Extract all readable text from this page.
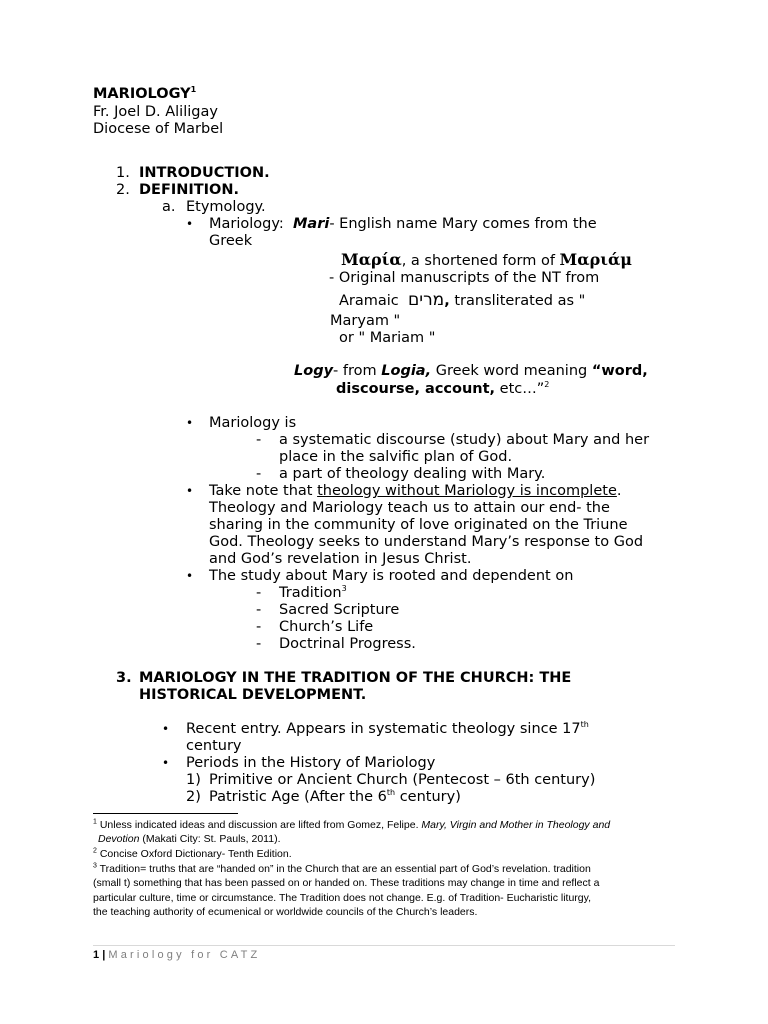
MARIOLOGY$^1$
Fr. Joel D. Aliligay
Diocese of Marbel
1. INTRODUCTION.
2. DEFINITION.
a. Etymology.
• Mariology: Mari- English name Mary comes from the
Greek
Μαρία, a shortened form of Μαριάμ
- Original manuscripts of the NT from
Aramaic מרים, transliterated as "
Maryam "
or " Mariam "
Logy- from Logia, Greek word meaning “word,
discourse, account, etc…”$^2$
• Mariology is
- a systematic discourse (study) about Mary and her
place in the salvific plan of God.
- a part of theology dealing with Mary.
• Take note that theology without Mariology is incomplete.
Theology and Mariology teach us to attain our end- the
sharing in the community of love originated on the Triune
God. Theology seeks to understand Mary’s response to God
and God’s revelation in Jesus Christ.
• The study about Mary is rooted and dependent on
- Tradition$^3$
- Sacred Scripture
- Church’s Life
- Doctrinal Progress.
3. MARIOLOGY IN THE TRADITION OF THE CHURCH: THE
HISTORICAL DEVELOPMENT.
• Recent entry. Appears in systematic theology since 17th
century
• Periods in the History of Mariology
1) Primitive or Ancient Church (Pentecost – 6th century)
2) Patristic Age (After the 6th century)
$^1$ Unless indicated ideas and discussion are lifted from Gomez, Felipe. Mary, Virgin and Mother in Theology and
Devotion (Makati City: St. Pauls, 2011).
$^2$ Concise Oxford Dictionary- Tenth Edition.
$^3$ Tradition= truths that are “handed on” in the Church that are an essential part of God’s revelation. tradition
(small t) something that has been passed on or handed on. These traditions may change in time and reflect a
particular culture, time or circumstance. The Tradition does not change. E.g. of Tradition- Eucharistic liturgy,
the teaching authority of ecumenical or worldwide councils of the Church’s leaders.
1 | Mariology for CATZ
